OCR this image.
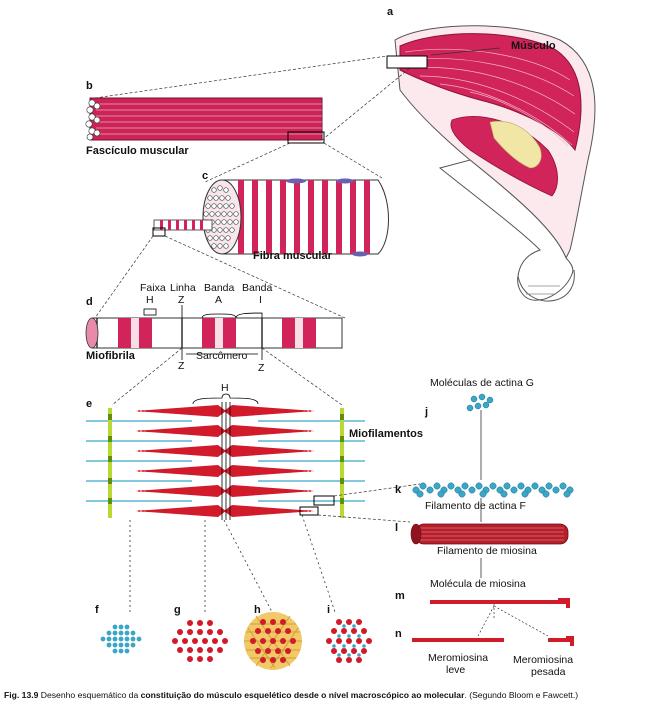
a
Músculo
b
Fascículo muscular
c
Fibra muscular
d
Faixa
H
Linha
Z
Banda
A
Banda
I
Miofibrila
Z
Sarcômero
Z
e
H
Miofilamentos
f	g	h	i
Moléculas de actina G
j
k
Filamento de actina F
l
Filamento de miosina
Molécula de miosina
m
n
Meromiosina
leve
Meromiosina
pesada
Fig. 13.9 Desenho esquemático da constituição do músculo esquelético desde o nível macroscópico ao molecular. (Segundo Bloom e Fawcett.)
